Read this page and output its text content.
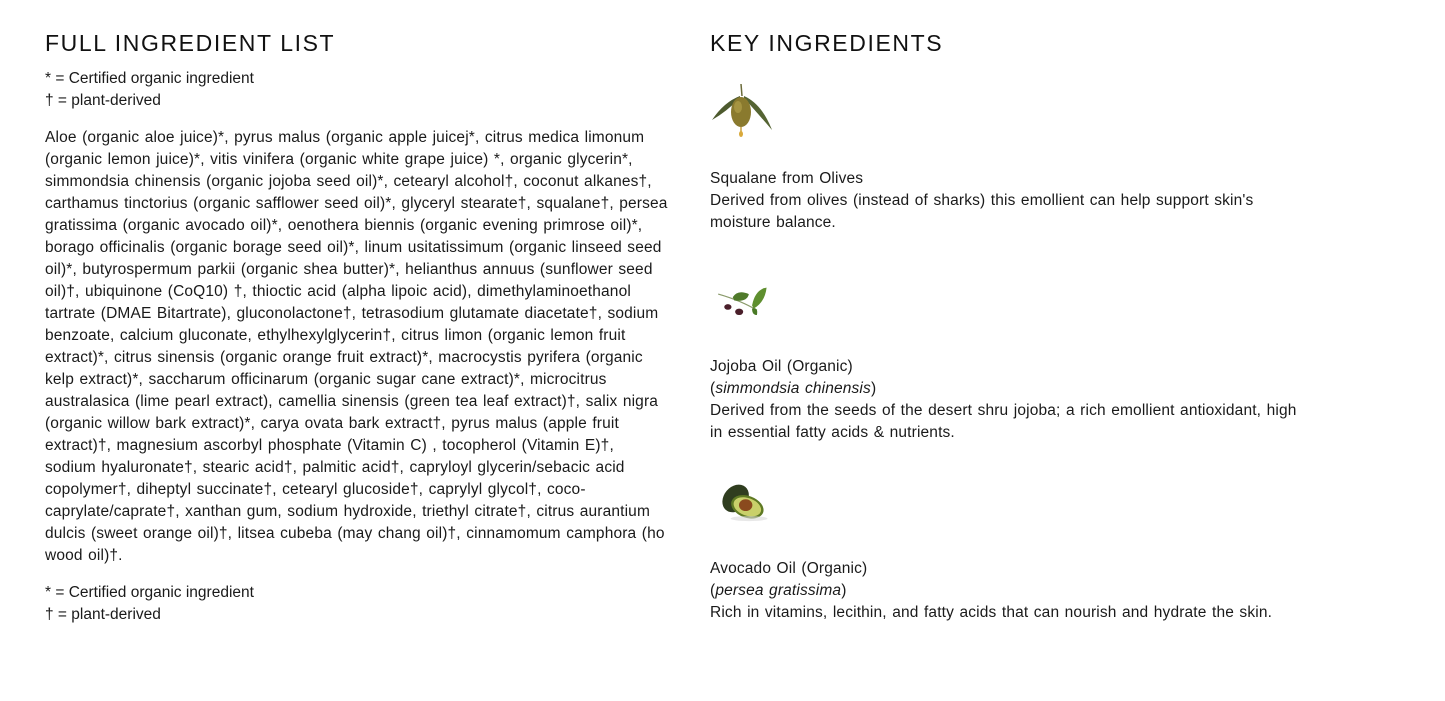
FULL INGREDIENT LIST
* = Certified organic ingredient
† = plant-derived
Aloe (organic aloe juice)*, pyrus malus (organic apple juicej*, citrus medica limonum (organic lemon juice)*, vitis vinifera (organic white grape juice) *, organic glycerin*, simmondsia chinensis (organic jojoba seed oil)*, cetearyl alcohol†, coconut alkanes†, carthamus tinctorius (organic safflower seed oil)*, glyceryl stearate†, squalane†, persea gratissima (organic avocado oil)*, oenothera biennis (organic evening primrose oil)*, borago officinalis (organic borage seed oil)*, linum usitatissimum (organic linseed seed oil)*, butyrospermum parkii (organic shea butter)*, helianthus annuus (sunflower seed oil)†, ubiquinone (CoQ10) †, thioctic acid (alpha lipoic acid), dimethylaminoethanol tartrate (DMAE Bitartrate), gluconolactone†, tetrasodium glutamate diacetate†, sodium benzoate, calcium gluconate, ethylhexylglycerin†, citrus limon (organic lemon fruit extract)*, citrus sinensis (organic orange fruit extract)*, macrocystis pyrifera (organic kelp extract)*, saccharum officinarum (organic sugar cane extract)*, microcitrus australasica (lime pearl extract), camellia sinensis (green tea leaf extract)†, salix nigra (organic willow bark extract)*, carya ovata bark extract†, pyrus malus (apple fruit extract)†, magnesium ascorbyl phosphate (Vitamin C) , tocopherol (Vitamin E)†, sodium hyaluronate†, stearic acid†, palmitic acid†, capryloyl glycerin/sebacic acid copolymer†, diheptyl succinate†, cetearyl glucoside†, caprylyl glycol†, coco-caprylate/caprate†, xanthan gum, sodium hydroxide, triethyl citrate†, citrus aurantium dulcis (sweet orange oil)†, litsea cubeba (may chang oil)†, cinnamomum camphora (ho wood oil)†.
* = Certified organic ingredient
† = plant-derived
KEY INGREDIENTS
Squalane from Olives
Derived from olives (instead of sharks) this emollient can help support skin's moisture balance.
Jojoba Oil (Organic)
(simmondsia chinensis)
Derived from the seeds of the desert shru jojoba; a rich emollient antioxidant, high in essential fatty acids & nutrients.
Avocado Oil (Organic)
(persea gratissima)
Rich in vitamins, lecithin, and fatty acids that can nourish and hydrate the skin.
